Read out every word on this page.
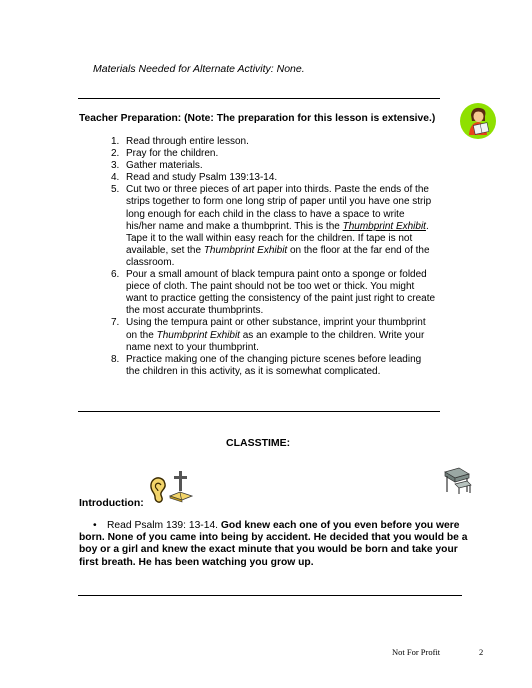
Materials Needed for Alternate Activity: None.
Teacher Preparation: (Note: The preparation for this lesson is extensive.)
1. Read through entire lesson.
2. Pray for the children.
3. Gather materials.
4. Read and study Psalm 139:13-14.
5. Cut two or three pieces of art paper into thirds. Paste the ends of the strips together to form one long strip of paper until you have one strip long enough for each child in the class to have a space to write his/her name and make a thumbprint. This is the Thumbprint Exhibit. Tape it to the wall within easy reach for the children. If tape is not available, set the Thumbprint Exhibit on the floor at the far end of the classroom.
6. Pour a small amount of black tempura paint onto a sponge or folded piece of cloth. The paint should not be too wet or thick. You might want to practice getting the consistency of the paint just right to create the most accurate thumbprints.
7. Using the tempura paint or other substance, imprint your thumbprint on the Thumbprint Exhibit as an example to the children. Write your name next to your thumbprint.
8. Practice making one of the changing picture scenes before leading the children in this activity, as it is somewhat complicated.
CLASSTIME:
Introduction:
• Read Psalm 139: 13-14. God knew each one of you even before you were born. None of you came into being by accident. He decided that you would be a boy or a girl and knew the exact minute that you would be born and take your first breath. He has been watching you grow up.
Not For Profit	2
